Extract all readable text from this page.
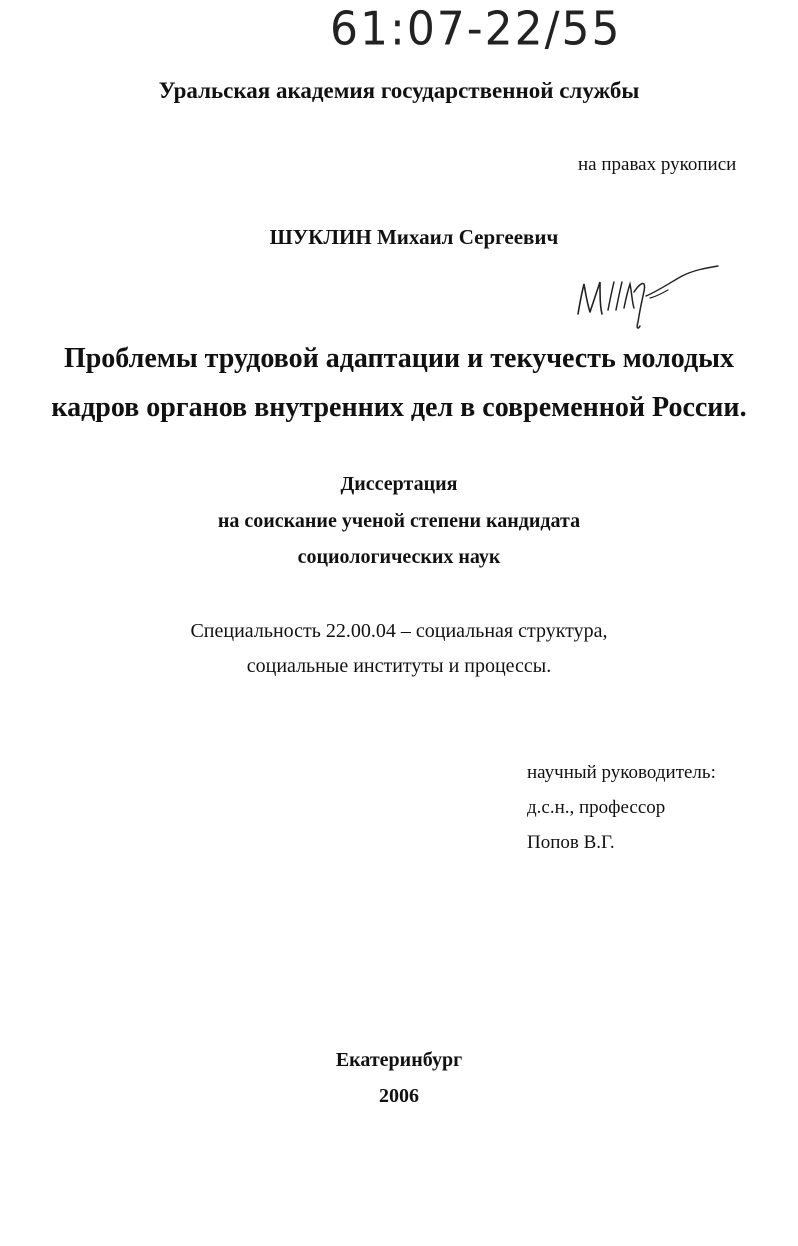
61:07-22/55
Уральская академия государственной службы
на правах рукописи
ШУКЛИН Михаил Сергеевич
Проблемы трудовой адаптации и текучесть молодых
кадров органов внутренних дел в современной России.
Диссертация
на соискание ученой степени кандидата
социологических наук
Специальность 22.00.04 – социальная структура,
социальные институты и процессы.
научный руководитель:
д.с.н., профессор
Попов В.Г.
Екатеринбург
2006
